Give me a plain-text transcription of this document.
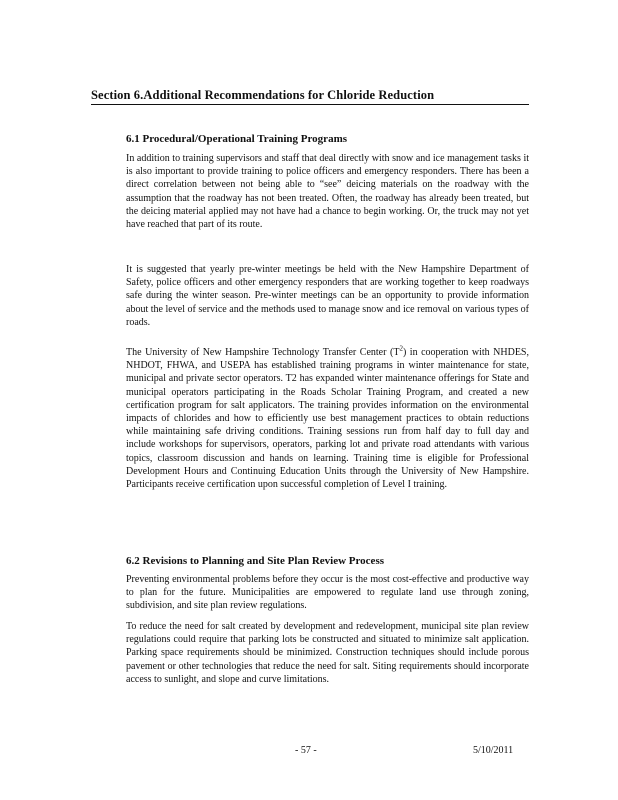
Section 6.Additional Recommendations for Chloride Reduction
6.1 Procedural/Operational Training Programs

In addition to training supervisors and staff that deal directly with snow and ice management tasks it is also important to provide training to police officers and emergency responders. There has been a direct correlation between not being able to “see” deicing materials on the roadway with the assumption that the roadway has not been treated. Often, the roadway has already been treated, but the deicing material applied may not have had a chance to begin working. Or, the truck may not yet have reached that part of its route.

It is suggested that yearly pre-winter meetings be held with the New Hampshire Department of Safety, police officers and other emergency responders that are working together to keep roadways safe during the winter season. Pre-winter meetings can be an opportunity to provide information about the level of service and the methods used to manage snow and ice removal on various types of roads.

The University of New Hampshire Technology Transfer Center $(T^2)$ in cooperation with NHDES, NHDOT, FHWA, and USEPA has established training programs in winter maintenance for state, municipal and private sector operators. T2 has expanded winter maintenance offerings for State and municipal operators participating in the Roads Scholar Training Program, and created a new certification program for salt applicators. The training provides information on the environmental impacts of chlorides and how to efficiently use best management practices to obtain reductions while maintaining safe driving conditions. Training sessions run from half day to full day and include workshops for supervisors, operators, parking lot and private road attendants with various topics, classroom discussion and hands on learning. Training time is eligible for Professional Development Hours and Continuing Education Units through the University of New Hampshire. Participants receive certification upon successful completion of Level I training.

6.2 Revisions to Planning and Site Plan Review Process

Preventing environmental problems before they occur is the most cost-effective and productive way to plan for the future. Municipalities are empowered to regulate land use through zoning, subdivision, and site plan review regulations.

To reduce the need for salt created by development and redevelopment, municipal site plan review regulations could require that parking lots be constructed and situated to minimize salt application. Parking space requirements should be minimized. Construction techniques should include porous pavement or other technologies that reduce the need for salt. Siting requirements should incorporate access to sunlight, and slope and curve limitations.

- 57 -	5/10/2011
